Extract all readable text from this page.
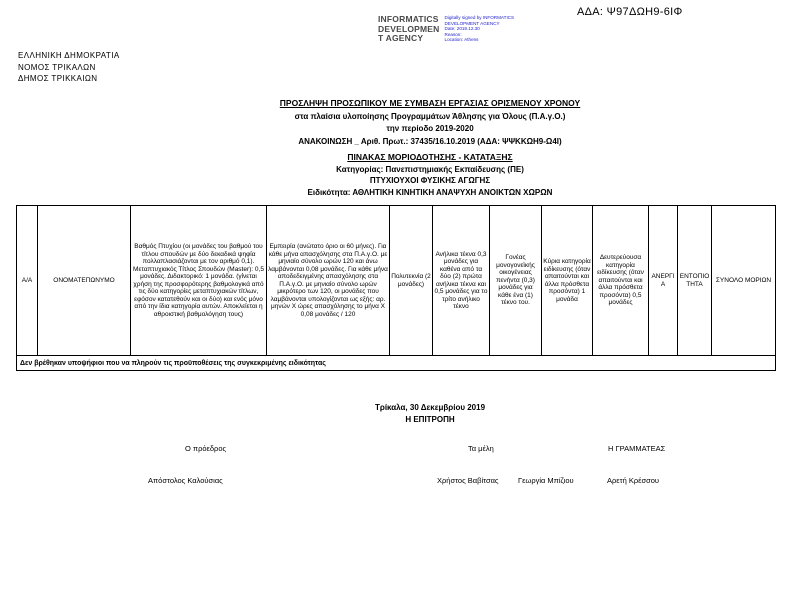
ΑΔΑ: Ψ97ΔΩΗ9-6ΙΦ
INFORMATICS
DEVELOPMEN
T AGENCY
Digitally signed by INFORMATICS DEVELOPMENT AGENCY
Date: 2019.12.30
Reason:
Location: Athens
ΕΛΛΗΝΙΚΗ ΔΗΜΟΚΡΑΤΙΑ
ΝΟΜΟΣ ΤΡΙΚΑΛΩΝ
ΔΗΜΟΣ ΤΡΙΚΚΑΙΩΝ
ΠΡΟΣΛΗΨΗ ΠΡΟΣΩΠΙΚΟΥ ΜΕ ΣΥΜΒΑΣΗ ΕΡΓΑΣΙΑΣ ΟΡΙΣΜΕΝΟΥ ΧΡΟΝΟΥ
στα πλαίσια υλοποίησης Προγραμμάτων Άθλησης για Όλους (Π.Α.γ.Ο.)
την περίοδο 2019-2020
ΑΝΑΚΟΙΝΩΣΗ _ Αριθ. Πρωτ.: 37435/16.10.2019 (ΑΔΑ: ΨΨΚΚΩΗ9-Ω4Ι)
ΠΙΝΑΚΑΣ ΜΟΡΙΟΔΟΤΗΣΗΣ - ΚΑΤΑΤΑΞΗΣ
Κατηγορίας: Πανεπιστημιακής Εκπαίδευσης (ΠΕ)
ΠΤΥΧΙΟΥΧΟΙ ΦΥΣΙΚΗΣ ΑΓΩΓΗΣ
Ειδικότητα: ΑΘΛΗΤΙΚΗ ΚΙΝΗΤΙΚΗ ΑΝΑΨΥΧΗ ΑΝΟΙΚΤΩΝ ΧΩΡΩΝ
Α/Α	ΟΝΟΜΑΤΕΠΩΝΥΜΟ	Βαθμός Πτυχίου (οι μονάδες του βαθμού του τίτλου σπουδών με δύο δεκαδικά ψηφία πολλαπλασιάζονται με τον αριθμό 0,1). Μεταπτυχιακός Τίτλος Σπουδών (Master): 0,5 μονάδες. Διδακτορικό: 1 μονάδα. (γίνεται χρήση της προσφορότερης βαθμολογικά από τις δύο κατηγορίες μεταπτυχιακών τίτλων, εφόσον κατατεθούν και οι δύο) και ενός μόνο από την ίδια κατηγορία αυτών. Αποκλείεται η αθροιστική βαθμολόγηση τους)	Εμπειρία (ανώτατο όριο οι 60 μήνες). Για κάθε μήνα απασχόλησης στα Π.Α.γ.Ο. με μηνιαίο σύνολο ωρών 120 και άνω λαμβάνονται 0,08 μονάδες. Για κάθε μήνα αποδεδειγμένης απασχόλησης στα Π.Α.γ.Ο. με μηνιαίο σύνολο ωρών μικρότερο των 120, οι μονάδες που λαμβάνονται υπολογίζονται ως εξής: αρ. μηνών Χ ώρες απασχόλησης το μήνα Χ 0,08 μονάδες / 120	Πολυτεκνία (2 μονάδες)	Ανήλικα τέκνα 0,3 μονάδες για καθένα από τα δύο (2) πρώτα ανήλικα τέκνα και 0,5 μονάδες για το τρίτο ανήλικο τέκνο	Γονέας μονογονεϊκής οικογένειας πενήντα (0,3) μονάδες για κάθε ένα (1) τέκνο του.	Κύρια κατηγορία ειδίκευσης (όταν απαιτούνται και άλλα πρόσθετα προσόντα) 1 μονάδα	Δευτερεύουσα κατηγορία ειδίκευσης (όταν απαιτούνται και άλλα πρόσθετα προσόντα) 0,5 μονάδες	ΑΝΕΡΓΙΑ	ΕΝΤΟΠΙΟΤΗΤΑ	ΣΥΝΟΛΟ ΜΟΡΙΩΝ
Δεν βρέθηκαν υποψήφιοι που να πληρούν τις προϋποθέσεις της συγκεκριμένης ειδικότητας
Τρίκαλα, 30 Δεκεμβρίου 2019
Η ΕΠΙΤΡΟΠΗ
Ο πρόεδρος	Τα μέλη	Η ΓΡΑΜΜΑΤΕΑΣ
Απόστολος Καλούσιας	Χρήστος Βαβίτσας	Γεωργία Μπίζιου	Αρετή Κρέσσου
